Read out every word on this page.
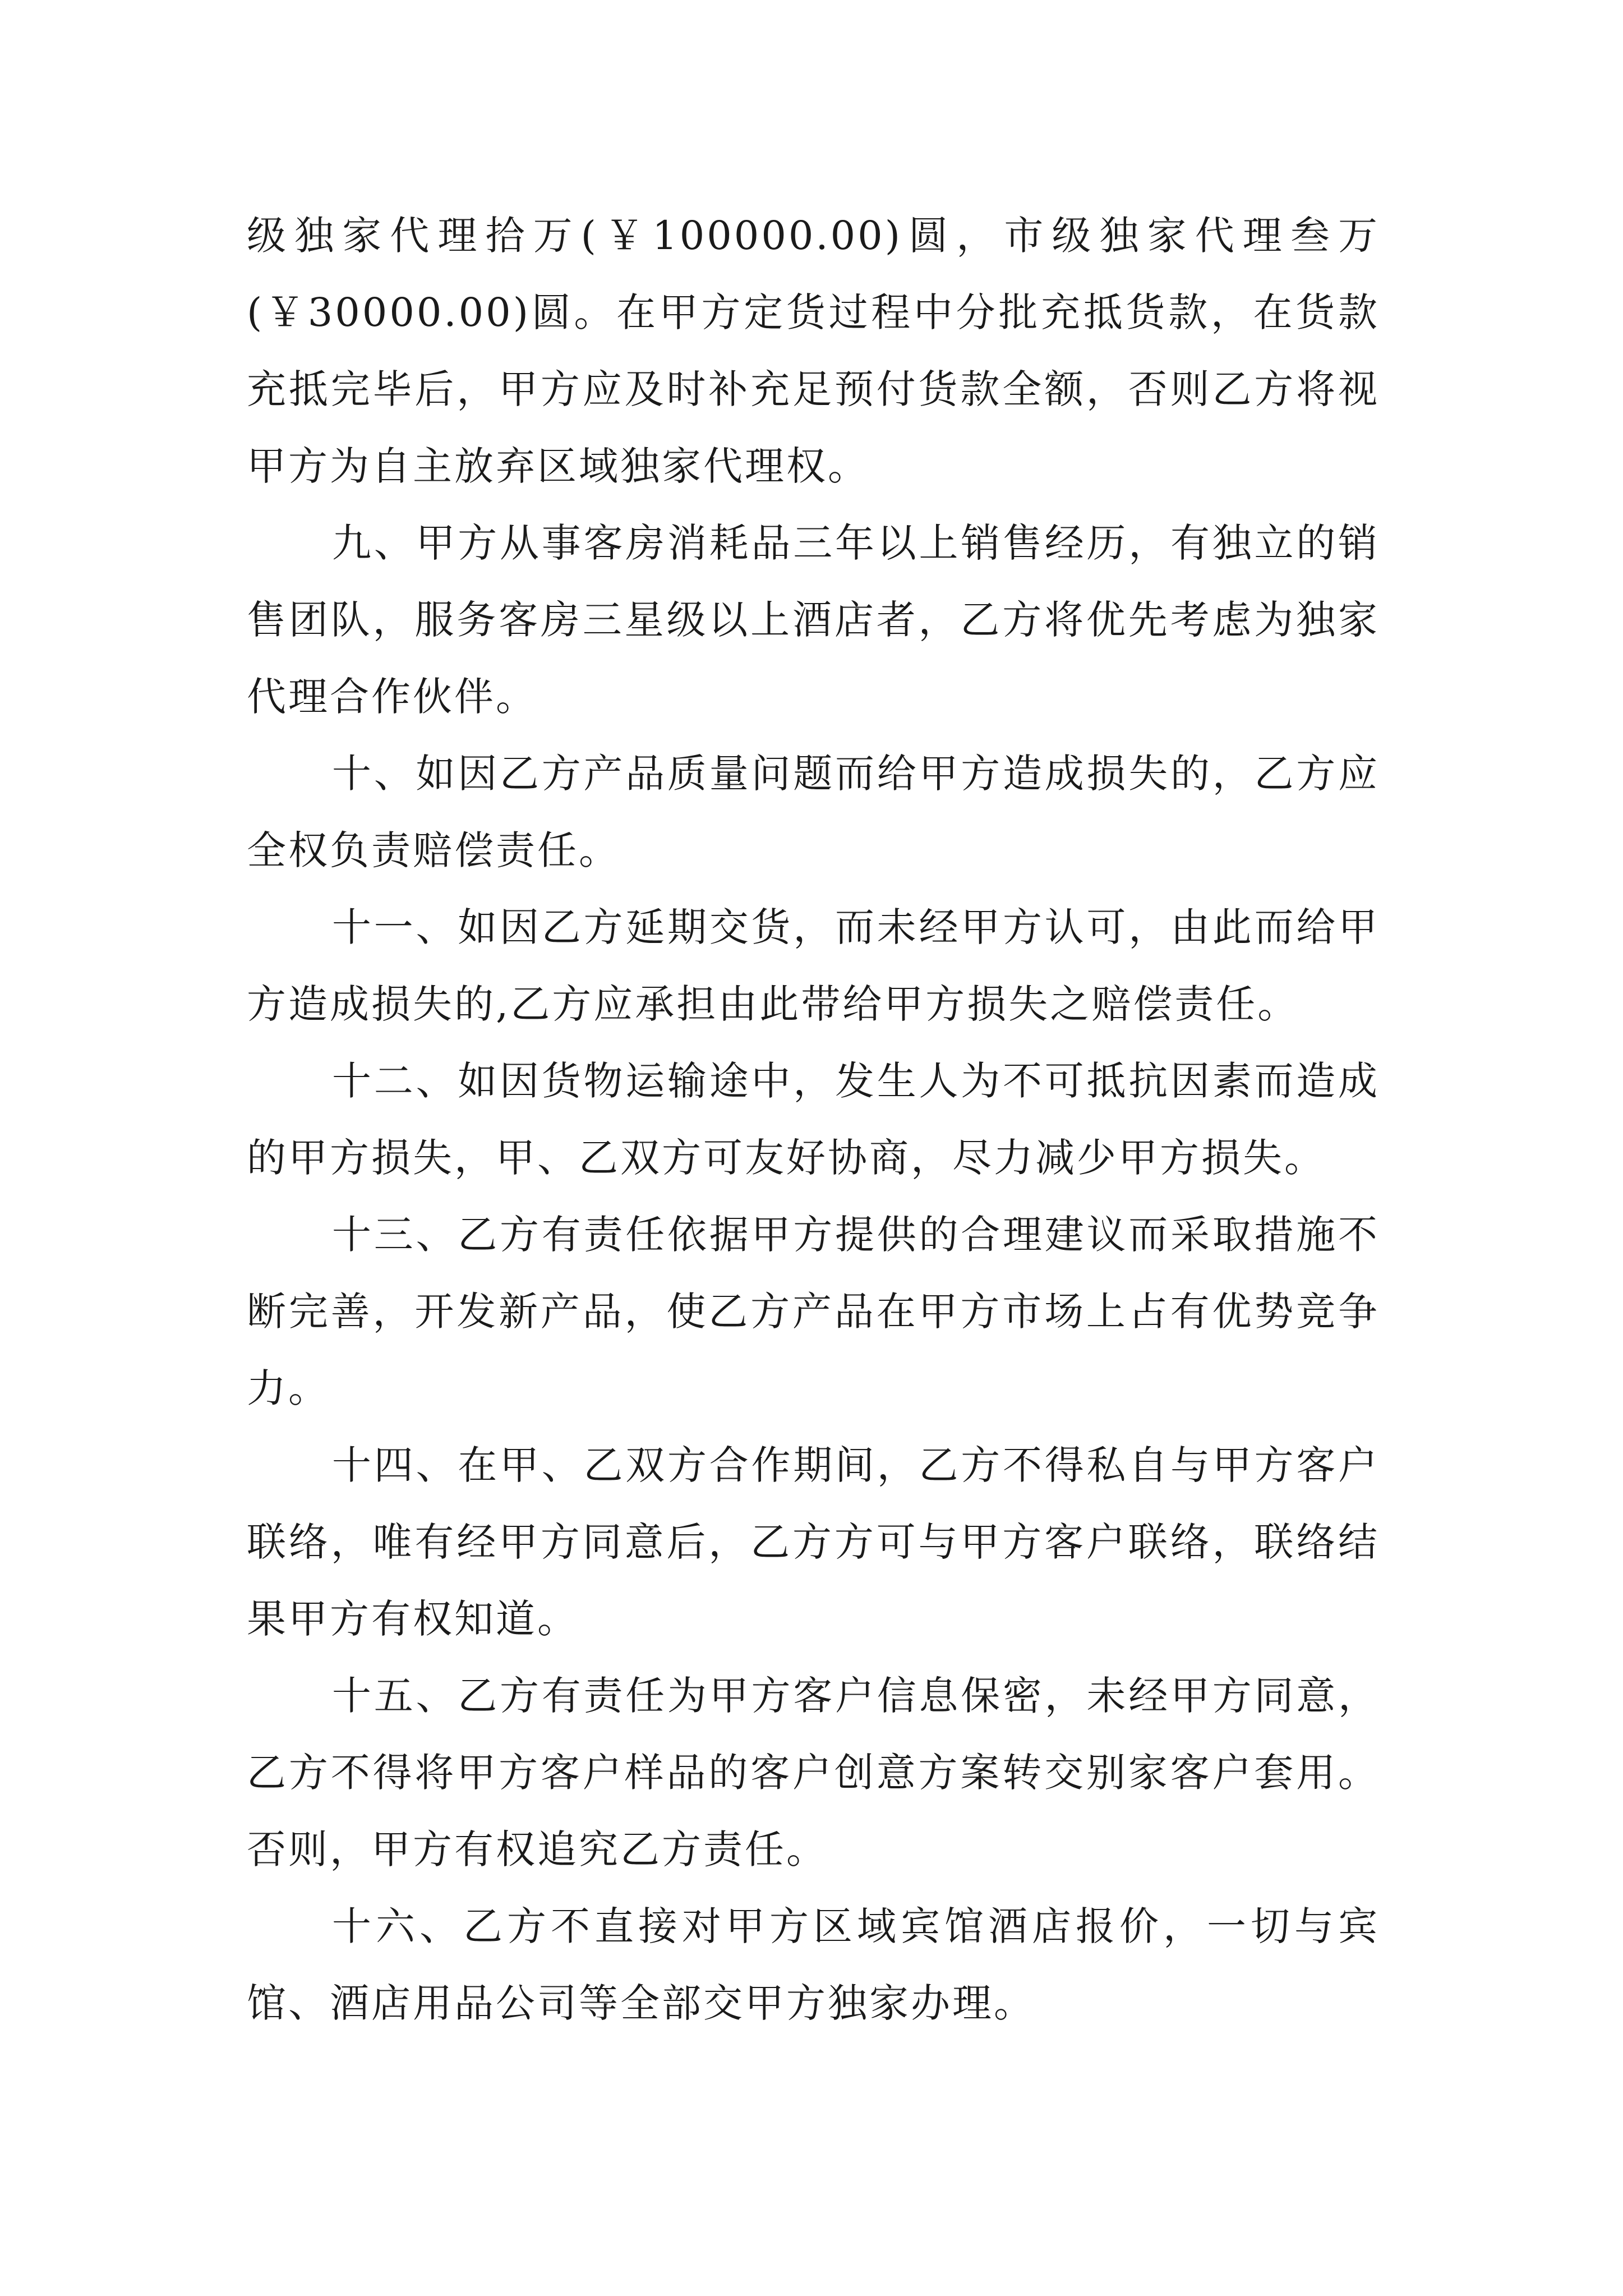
级独家代理拾万(￥100000.00)圆，市级独家代理叁万(￥30000.00)圆。在甲方定货过程中分批充抵货款，在货款充抵完毕后，甲方应及时补充足预付货款全额，否则乙方将视甲方为自主放弃区域独家代理权。

九、甲方从事客房消耗品三年以上销售经历，有独立的销售团队，服务客房三星级以上酒店者，乙方将优先考虑为独家代理合作伙伴。

十、如因乙方产品质量问题而给甲方造成损失的，乙方应全权负责赔偿责任。

十一、如因乙方延期交货，而未经甲方认可，由此而给甲方造成损失的,乙方应承担由此带给甲方损失之赔偿责任。

十二、如因货物运输途中，发生人为不可抵抗因素而造成的甲方损失，甲、乙双方可友好协商，尽力减少甲方损失。

十三、乙方有责任依据甲方提供的合理建议而采取措施不断完善，开发新产品，使乙方产品在甲方市场上占有优势竞争力。

十四、在甲、乙双方合作期间，乙方不得私自与甲方客户联络，唯有经甲方同意后，乙方方可与甲方客户联络，联络结果甲方有权知道。

十五、乙方有责任为甲方客户信息保密，未经甲方同意，乙方不得将甲方客户样品的客户创意方案转交别家客户套用。否则，甲方有权追究乙方责任。

十六、乙方不直接对甲方区域宾馆酒店报价，一切与宾馆、酒店用品公司等全部交甲方独家办理。
